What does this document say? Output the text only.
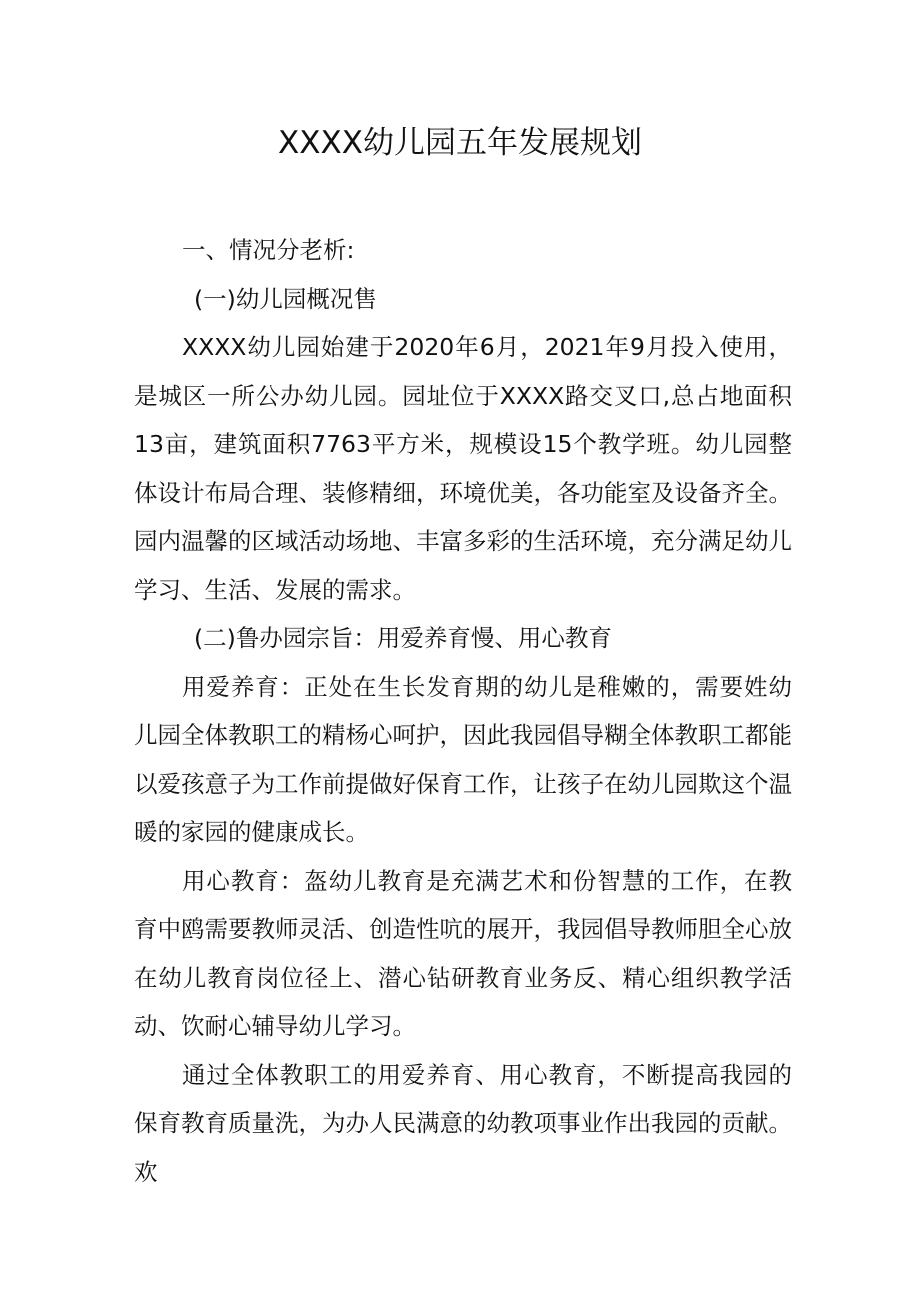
XXXX幼儿园五年发展规划

一、情况分老析:

(一)幼儿园概况售

XXXX幼儿园始建于2020年6月，2021年9月投入使用，是城区一所公办幼儿园。园址位于XXXX路交叉口,总占地面积13亩，建筑面积7763平方米，规模设15个教学班。幼儿园整体设计布局合理、装修精细，环境优美，各功能室及设备齐全。园内温馨的区域活动场地、丰富多彩的生活环境，充分满足幼儿学习、生活、发展的需求。

(二)鲁办园宗旨：用爱养育慢、用心教育

用爱养育：正处在生长发育期的幼儿是稚嫩的，需要姓幼儿园全体教职工的精杨心呵护，因此我园倡导糊全体教职工都能以爱孩意子为工作前提做好保育工作，让孩子在幼儿园欺这个温暖的家园的健康成长。

用心教育：盔幼儿教育是充满艺术和份智慧的工作，在教育中鸥需要教师灵活、创造性吭的展开，我园倡导教师胆全心放在幼儿教育岗位径上、潜心钻研教育业务反、精心组织教学活动、饮耐心辅导幼儿学习。

通过全体教职工的用爱养育、用心教育，不断提高我园的保育教育质量洗，为办人民满意的幼教项事业作出我园的贡献。欢
